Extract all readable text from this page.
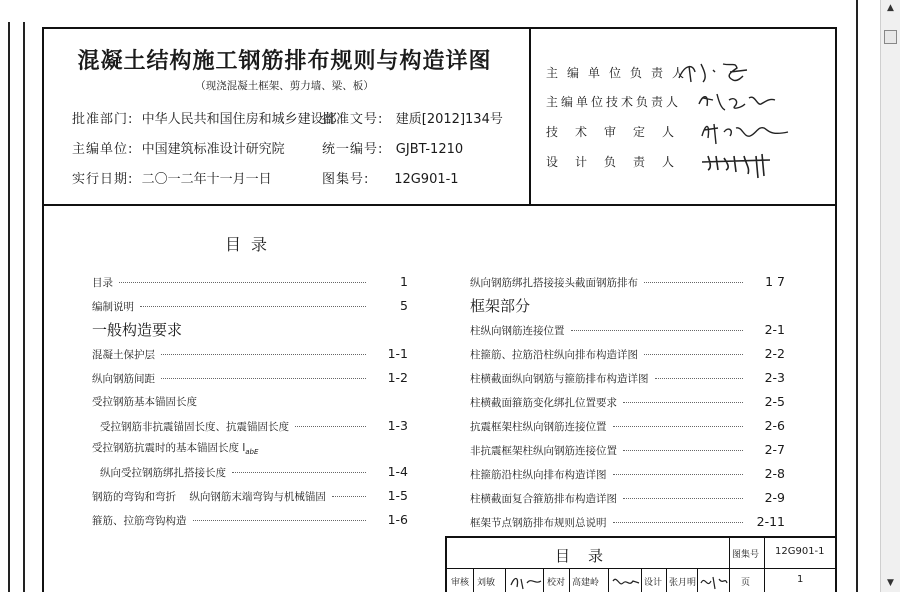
▲
▼
混凝土结构施工钢筋排布规则与构造详图
（现浇混凝土框架、剪力墙、梁、板）
批准部门: 中华人民共和国住房和城乡建设部
批准文号: 建质[2012]134号
主编单位: 中国建筑标准设计研究院	统一编号: GJBT-1210
实行日期: 二〇一二年十一月一日	图集号: 12G901-1
主编单位负责人
主编单位技术负责人
技术审定人
设计负责人
目录
目录	1
编制说明	5
一般构造要求
混凝土保护层	1-1
纵向钢筋间距	1-2
受拉钢筋基本锚固长度
受拉钢筋非抗震锚固长度、抗震锚固长度	1-3
受拉钢筋抗震时的基本锚固长度 $l_{abE}$
纵向受拉钢筋绑扎搭接长度	1-4
钢筋的弯钩和弯折    纵向钢筋末端弯钩与机械锚固	1-5
箍筋、拉筋弯钩构造	1-6
纵向钢筋绑扎搭接接头截面钢筋排布	1 7
框架部分
柱纵向钢筋连接位置	2-1
柱箍筋、拉筋沿柱纵向排布构造详图	2-2
柱横截面纵向钢筋与箍筋排布构造详图	2-3
柱横截面箍筋变化绑扎位置要求	2-5
抗震框架柱纵向钢筋连接位置	2-6
非抗震框架柱纵向钢筋连接位置	2-7
柱箍筋沿柱纵向排布构造详图	2-8
柱横截面复合箍筋排布构造详图	2-9
框架节点钢筋排布规则总说明	2-11
目录	图集号 12G901-1
审核 刘敏	校对 高建岭	设计 张月明	页	1
